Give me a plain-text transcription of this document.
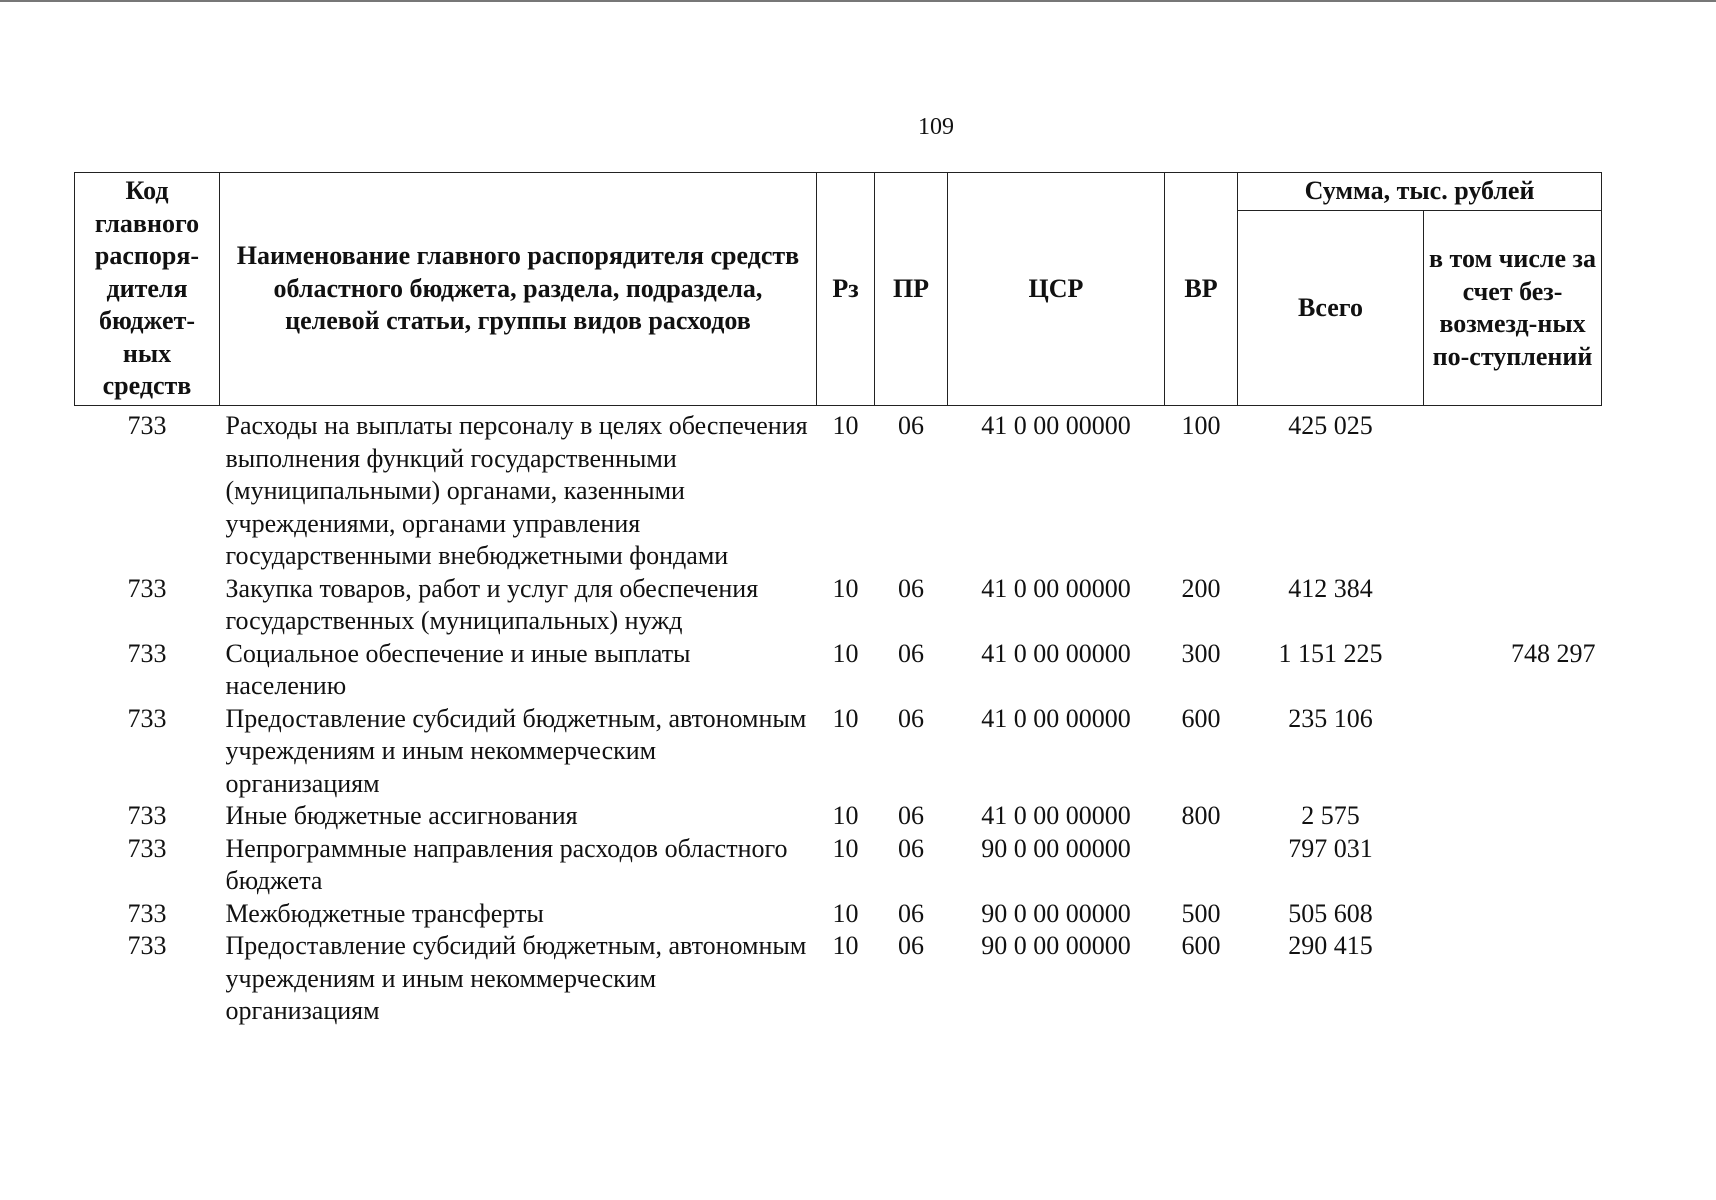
109
Код главного распоря-дителя бюджет-ных средств	Наименование главного распорядителя средств областного бюджета, раздела, подраздела, целевой статьи, группы видов расходов	Рз	ПР	ЦСР	ВР	Сумма, тыс. рублей	
						Всего	в том числе за счет без-возмезд-ных по-ступлений
733	Расходы на выплаты персоналу в целях обеспечения выполнения функций государственными (муниципальными) органами, казенными учреждениями, органами управления государственными внебюджетными фондами	10	06	41 0 00 00000	100	425 025	
733	Закупка товаров, работ и услуг для обеспечения государственных (муниципальных) нужд	10	06	41 0 00 00000	200	412 384	
733	Социальное обеспечение и иные выплаты населению	10	06	41 0 00 00000	300	1 151 225	748 297
733	Предоставление субсидий бюджетным, автономным учреждениям и иным некоммерческим организациям	10	06	41 0 00 00000	600	235 106	
733	Иные бюджетные ассигнования	10	06	41 0 00 00000	800	2 575	
733	Непрограммные направления расходов областного бюджета	10	06	90 0 00 00000		797 031	
733	Межбюджетные трансферты	10	06	90 0 00 00000	500	505 608	
733	Предоставление субсидий бюджетным, автономным учреждениям и иным некоммерческим организациям	10	06	90 0 00 00000	600	290 415	
